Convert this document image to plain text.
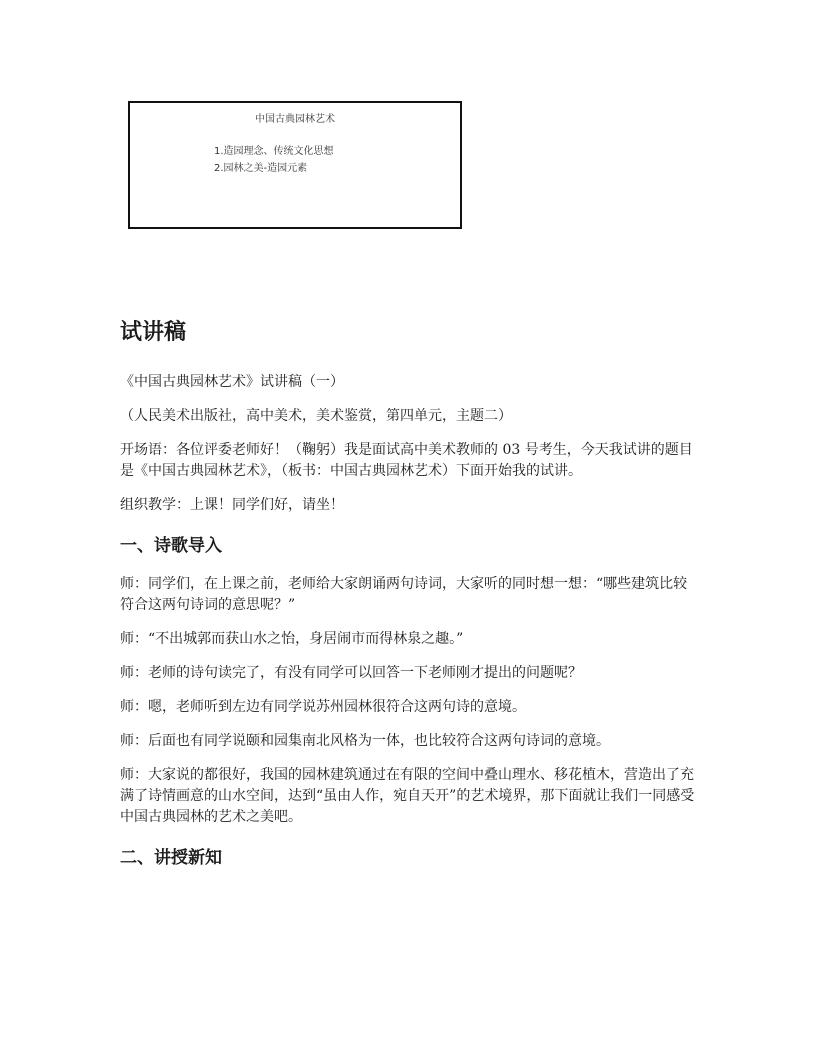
中国古典园林艺术
1.造园理念、传统文化思想
2.园林之美-造园元素
试讲稿

《中国古典园林艺术》试讲稿（一）

（人民美术出版社，高中美术，美术鉴赏，第四单元，主题二）

开场语：各位评委老师好！（鞠躬）我是面试高中美术教师的 03 号考生，今天我试讲的题目是《中国古典园林艺术》，（板书：中国古典园林艺术）下面开始我的试讲。

组织教学：上课！同学们好，请坐！

一、诗歌导入

师：同学们，在上课之前，老师给大家朗诵两句诗词，大家听的同时想一想：“哪些建筑比较符合这两句诗词的意思呢？”

师：“不出城郭而获山水之怡，身居闹市而得林泉之趣。”

师：老师的诗句读完了，有没有同学可以回答一下老师刚才提出的问题呢？

师：嗯，老师听到左边有同学说苏州园林很符合这两句诗的意境。

师：后面也有同学说颐和园集南北风格为一体，也比较符合这两句诗词的意境。

师：大家说的都很好，我国的园林建筑通过在有限的空间中叠山理水、移花植木，营造出了充满了诗情画意的山水空间，达到“虽由人作，宛自天开”的艺术境界，那下面就让我们一同感受中国古典园林的艺术之美吧。

二、讲授新知
